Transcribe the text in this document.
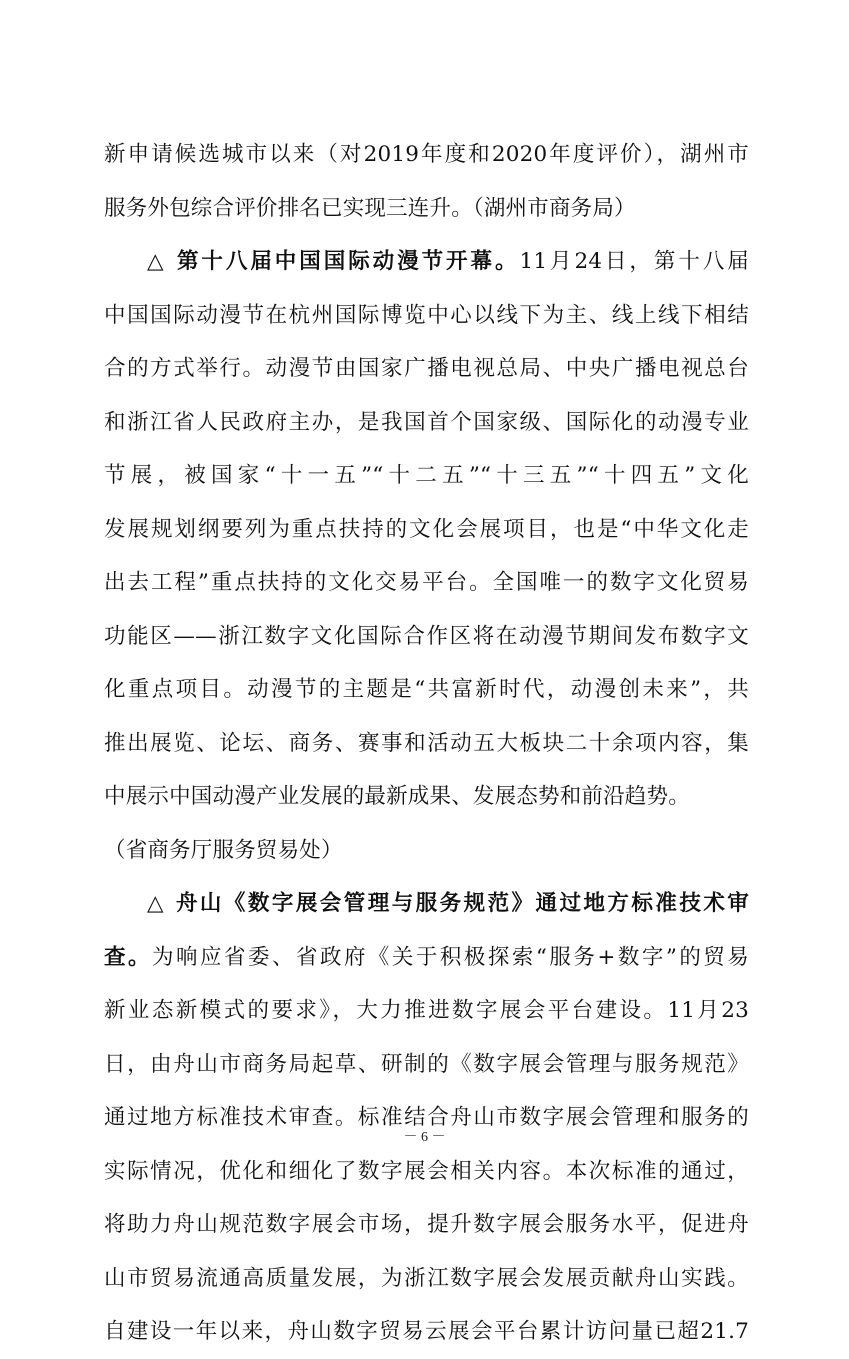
新申请候选城市以来（对2019年度和2020年度评价），湖州市
服务外包综合评价排名已实现三连升。（湖州市商务局）
△ 第十八届中国国际动漫节开幕。11月24日，第十八届
中国国际动漫节在杭州国际博览中心以线下为主、线上线下相结
合的方式举行。动漫节由国家广播电视总局、中央广播电视总台
和浙江省人民政府主办，是我国首个国家级、国际化的动漫专业
节展，被国家“十一五”“十二五”“十三五”“十四五”文化
发展规划纲要列为重点扶持的文化会展项目，也是“中华文化走
出去工程”重点扶持的文化交易平台。全国唯一的数字文化贸易
功能区——浙江数字文化国际合作区将在动漫节期间发布数字文
化重点项目。动漫节的主题是“共富新时代，动漫创未来”，共
推出展览、论坛、商务、赛事和活动五大板块二十余项内容，集
中展示中国动漫产业发展的最新成果、发展态势和前沿趋势。
（省商务厅服务贸易处）
△ 舟山《数字展会管理与服务规范》通过地方标准技术审
查。为响应省委、省政府《关于积极探索“服务+数字”的贸易
新业态新模式的要求》，大力推进数字展会平台建设。11月23
日，由舟山市商务局起草、研制的《数字展会管理与服务规范》
通过地方标准技术审查。标准结合舟山市数字展会管理和服务的
实际情况，优化和细化了数字展会相关内容。本次标准的通过，
将助力舟山规范数字展会市场，提升数字展会服务水平，促进舟
山市贸易流通高质量发展，为浙江数字展会发展贡献舟山实践。
自建设一年以来，舟山数字贸易云展会平台累计访问量已超21.7
－ 6 －
